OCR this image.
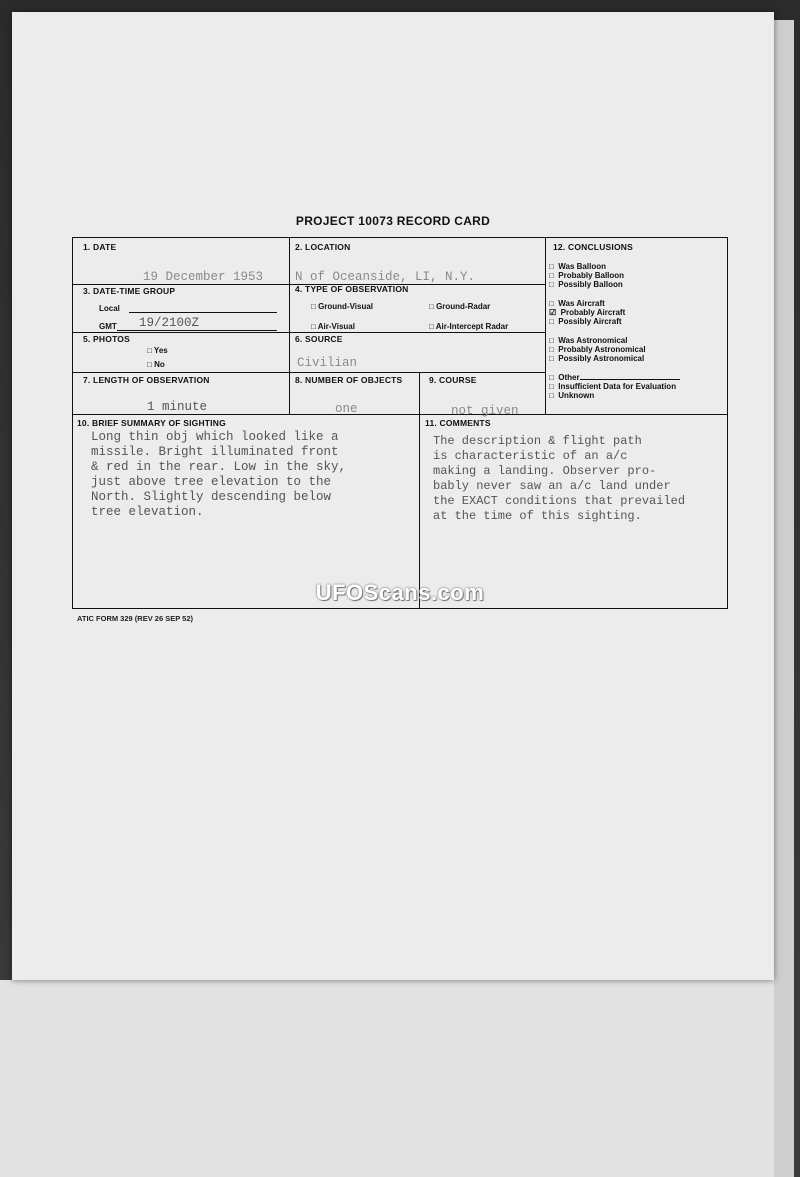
PROJECT 10073 RECORD CARD
1. DATE
19 December 1953
2. LOCATION
N of Oceanside, LI, N.Y.
3. DATE-TIME GROUP
Local
GMT 19/2100Z
4. TYPE OF OBSERVATION
□ Ground-Visual	□ Ground-Radar
□ Air-Visual	□ Air-Intercept Radar
5. PHOTOS
□ Yes
□ No
6. SOURCE
Civilian
7. LENGTH OF OBSERVATION
1 minute
8. NUMBER OF OBJECTS
one
9. COURSE
not given
12. CONCLUSIONS
□  Was Balloon
□  Probably Balloon
□  Possibly Balloon
□  Was Aircraft
☑  Probably Aircraft
□  Possibly Aircraft
□  Was Astronomical
□  Probably Astronomical
□  Possibly Astronomical
□  Other
□  Insufficient Data for Evaluation
□  Unknown
10. BRIEF SUMMARY OF SIGHTING
Long thin obj which looked like a
missile. Bright illuminated front
& red in the rear. Low in the sky,
just above tree elevation to the
North. Slightly descending below
tree elevation.
11. COMMENTS
The description & flight path
is characteristic of an a/c
making a landing. Observer pro-
bably never saw an a/c land under
the EXACT conditions that prevailed
at the time of this sighting.
ATIC FORM 329 (REV 26 SEP 52)
UFOScans.com
